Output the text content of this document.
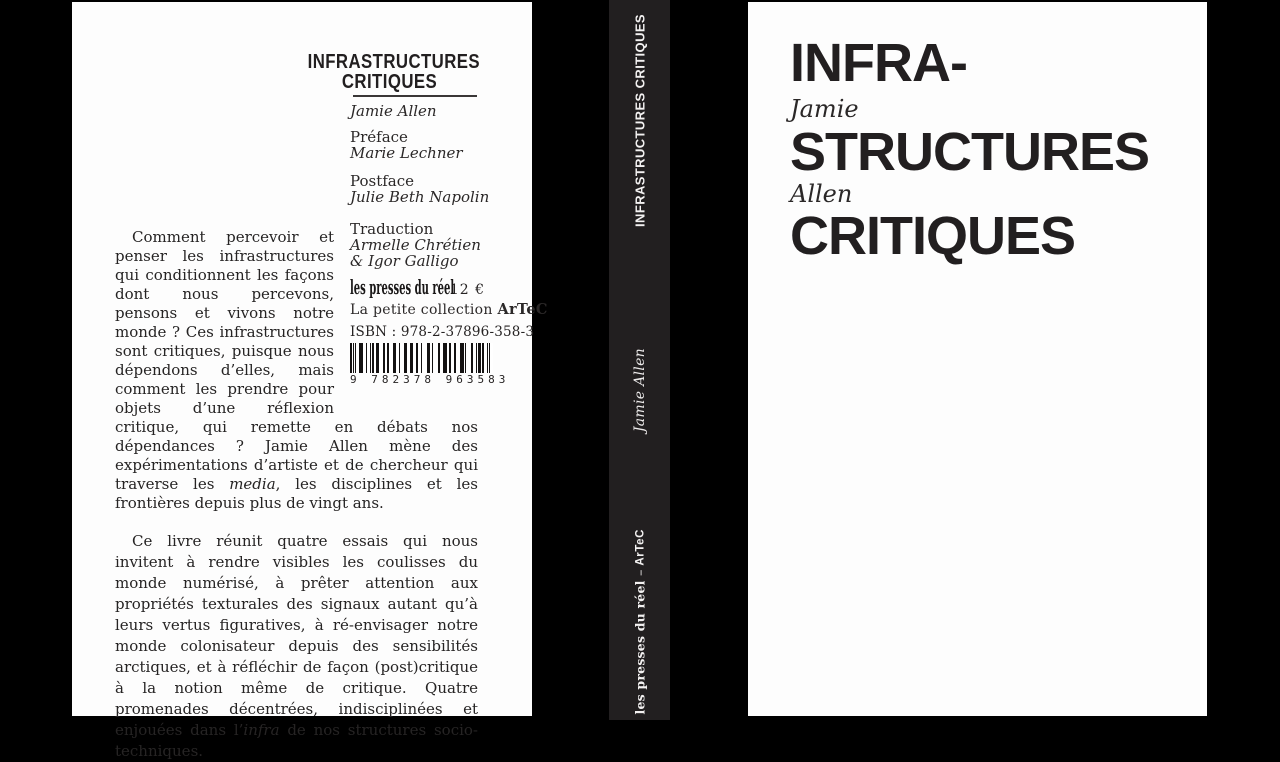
INFRASTRUCTURES
CRITIQUES
Jamie Allen
Préface
Marie Lechner
Postface
Julie Beth Napolin
Traduction
Armelle Chrétien
& Igor Galligo
les presses du réel
12 €
La petite collection ArTeC
ISBN : 978-2-37896-358-3
9 782378 963583

Comment percevoir et penser les infrastructures qui conditionnent les façons dont nous percevons, pensons et vivons notre monde ? Ces infrastructures sont critiques, puisque nous dépendons d’elles, mais comment les prendre pour objets d’une réflexion critique, qui remette en débats nos dépendances ? Jamie Allen mène des expérimentations d’artiste et de chercheur qui traverse les media, les disciplines et les frontières depuis plus de vingt ans.

Ce livre réunit quatre essais qui nous invitent à rendre visibles les coulisses du monde numérisé, à prêter attention aux propriétés texturales des signaux autant qu’à leurs vertus figuratives, à ré-envisager notre monde colonisateur depuis des sensibilités arctiques, et à réfléchir de façon (post)critique à la notion même de critique. Quatre promenades décentrées, indisciplinées et enjouées dans l’infra de nos structures socio-techniques.

INFRASTRUCTURES CRITIQUES
Jamie Allen
les presses du réel – ArTeC
INFRA-
Jamie
STRUCTURES
Allen
CRITIQUES
